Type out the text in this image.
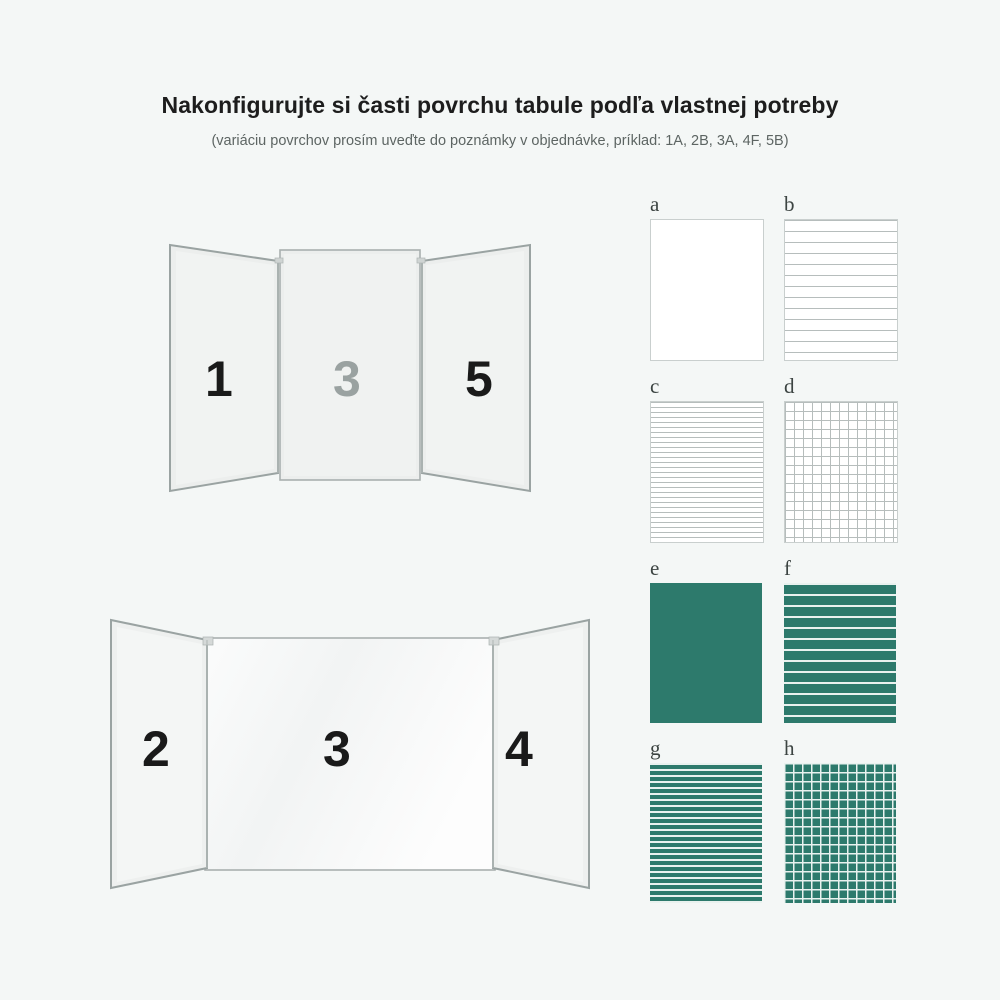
Nakonfigurujte si časti povrchu tabule podľa vlastnej potreby
(variáciu povrchov prosím uveďte do poznámky v objednávke, príklad: 1A, 2B, 3A, 4F, 5B)
1 3 5
2	3	4
a	b
c	d
e	f
g	h
